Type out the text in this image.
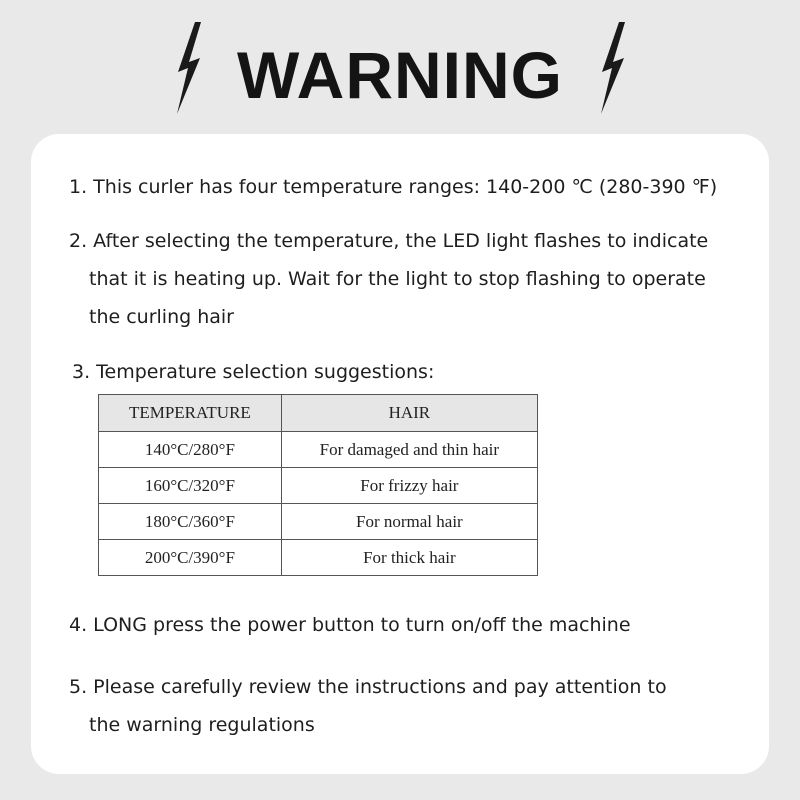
WARNING
1. This curler has four temperature ranges: 140-200 ℃ (280-390 ℉)
2. After selecting the temperature, the LED light flashes to indicate
that it is heating up. Wait for the light to stop flashing to operate
the curling hair
3. Temperature selection suggestions:
TEMPERATURE	HAIR
140°C/280°F	For damaged and thin hair
160°C/320°F	For frizzy hair
180°C/360°F	For normal hair
200°C/390°F	For thick hair
4. LONG press the power button to turn on/off the machine
5. Please carefully review the instructions and pay attention to
the warning regulations
